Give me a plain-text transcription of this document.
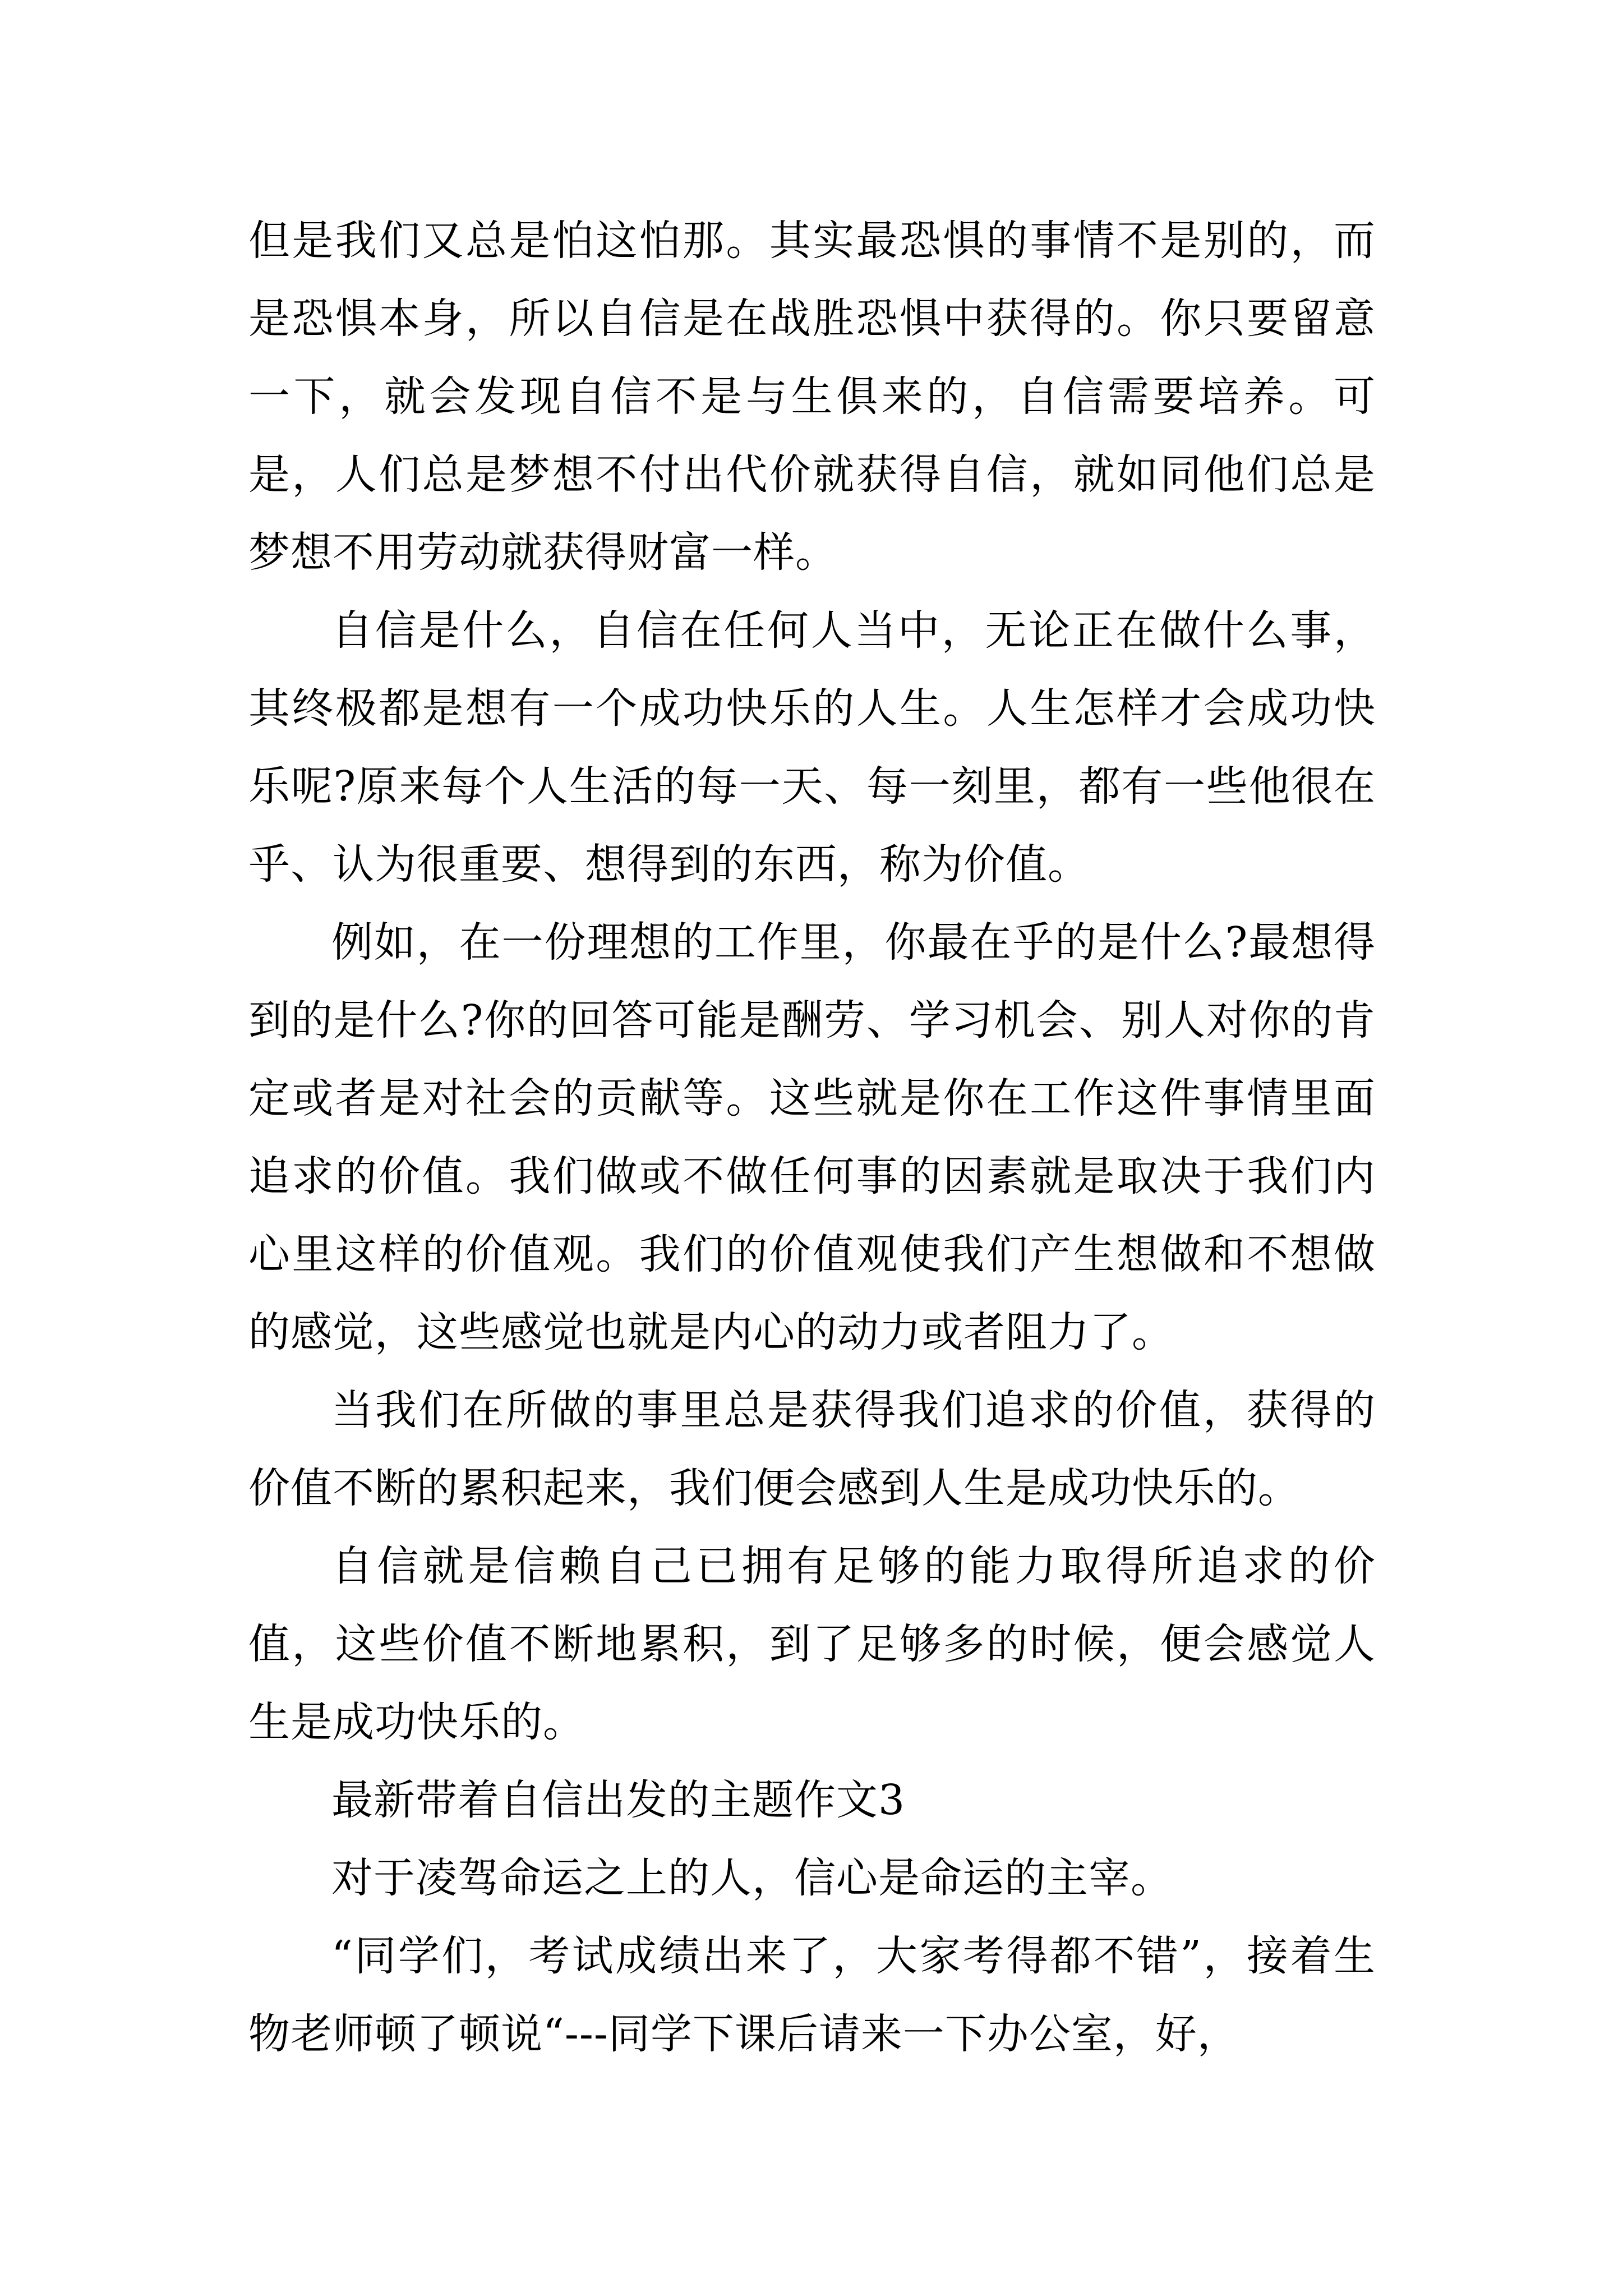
但是我们又总是怕这怕那。其实最恐惧的事情不是别的，而是恐惧本身，所以自信是在战胜恐惧中获得的。你只要留意一下，就会发现自信不是与生俱来的，自信需要培养。可是，人们总是梦想不付出代价就获得自信，就如同他们总是梦想不用劳动就获得财富一样。

自信是什么，自信在任何人当中，无论正在做什么事，其终极都是想有一个成功快乐的人生。人生怎样才会成功快乐呢?原来每个人生活的每一天、每一刻里，都有一些他很在乎、认为很重要、想得到的东西，称为价值。

例如，在一份理想的工作里，你最在乎的是什么?最想得到的是什么?你的回答可能是酬劳、学习机会、别人对你的肯定或者是对社会的贡献等。这些就是你在工作这件事情里面追求的价值。我们做或不做任何事的因素就是取决于我们内心里这样的价值观。我们的价值观使我们产生想做和不想做的感觉，这些感觉也就是内心的动力或者阻力了。

当我们在所做的事里总是获得我们追求的价值，获得的价值不断的累积起来，我们便会感到人生是成功快乐的。

自信就是信赖自己已拥有足够的能力取得所追求的价值，这些价值不断地累积，到了足够多的时候，便会感觉人生是成功快乐的。

最新带着自信出发的主题作文3

对于凌驾命运之上的人，信心是命运的主宰。

“同学们，考试成绩出来了，大家考得都不错”，接着生物老师顿了顿说“---同学下课后请来一下办公室，好，
